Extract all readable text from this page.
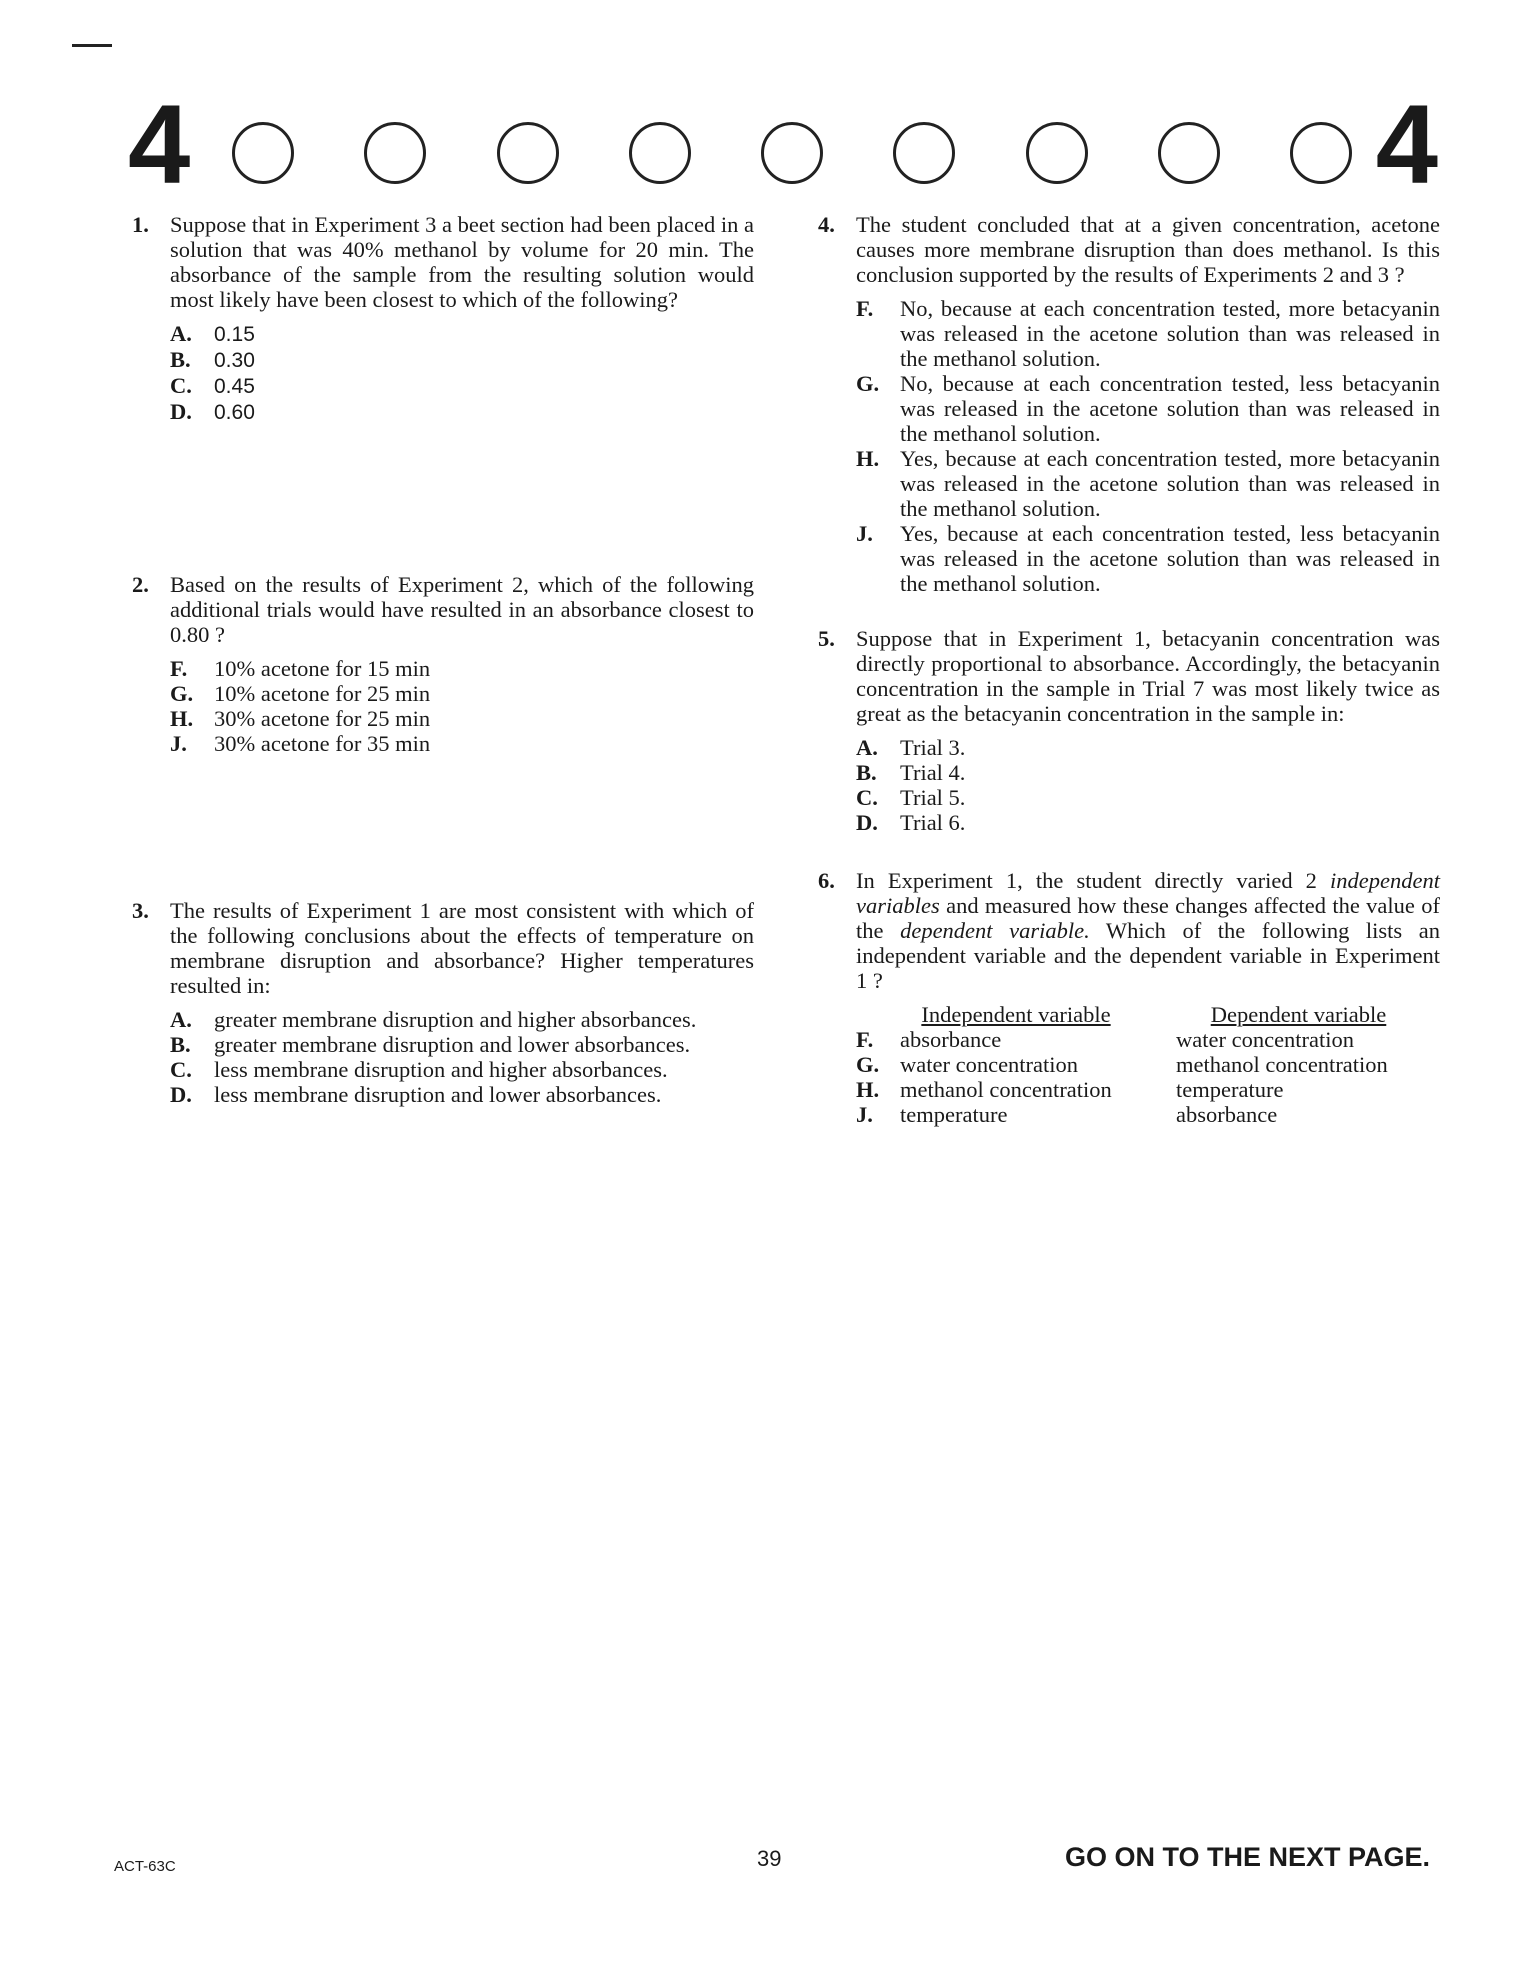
4	4
1. Suppose that in Experiment 3 a beet section had been placed in a solution that was 40% methanol by volume for 20 min. The absorbance of the sample from the resulting solution would most likely have been closest to which of the following?
A. 0.15
B. 0.30
C. 0.45
D. 0.60
2. Based on the results of Experiment 2, which of the following additional trials would have resulted in an absorbance closest to 0.80 ?
F. 10% acetone for 15 min
G. 10% acetone for 25 min
H. 30% acetone for 25 min
J. 30% acetone for 35 min
3. The results of Experiment 1 are most consistent with which of the following conclusions about the effects of temperature on membrane disruption and absorbance? Higher temperatures resulted in:
A. greater membrane disruption and higher absorbances.
B. greater membrane disruption and lower absorbances.
C. less membrane disruption and higher absorbances.
D. less membrane disruption and lower absorbances.
4. The student concluded that at a given concentration, acetone causes more membrane disruption than does methanol. Is this conclusion supported by the results of Experiments 2 and 3 ?
F. No, because at each concentration tested, more betacyanin was released in the acetone solution than was released in the methanol solution.
G. No, because at each concentration tested, less betacyanin was released in the acetone solution than was released in the methanol solution.
H. Yes, because at each concentration tested, more betacyanin was released in the acetone solution than was released in the methanol solution.
J. Yes, because at each concentration tested, less betacyanin was released in the acetone solution than was released in the methanol solution.
5. Suppose that in Experiment 1, betacyanin concentration was directly proportional to absorbance. Accordingly, the betacyanin concentration in the sample in Trial 7 was most likely twice as great as the betacyanin concentration in the sample in:
A. Trial 3.
B. Trial 4.
C. Trial 5.
D. Trial 6.
6. In Experiment 1, the student directly varied 2 independent variables and measured how these changes affected the value of the dependent variable. Which of the following lists an independent variable and the dependent variable in Experiment 1 ?
Independent variable	Dependent variable
F. absorbance	water concentration
G. water concentration	methanol concentration
H. methanol concentration	temperature
J. temperature	absorbance
ACT-63C	39	GO ON TO THE NEXT PAGE.
